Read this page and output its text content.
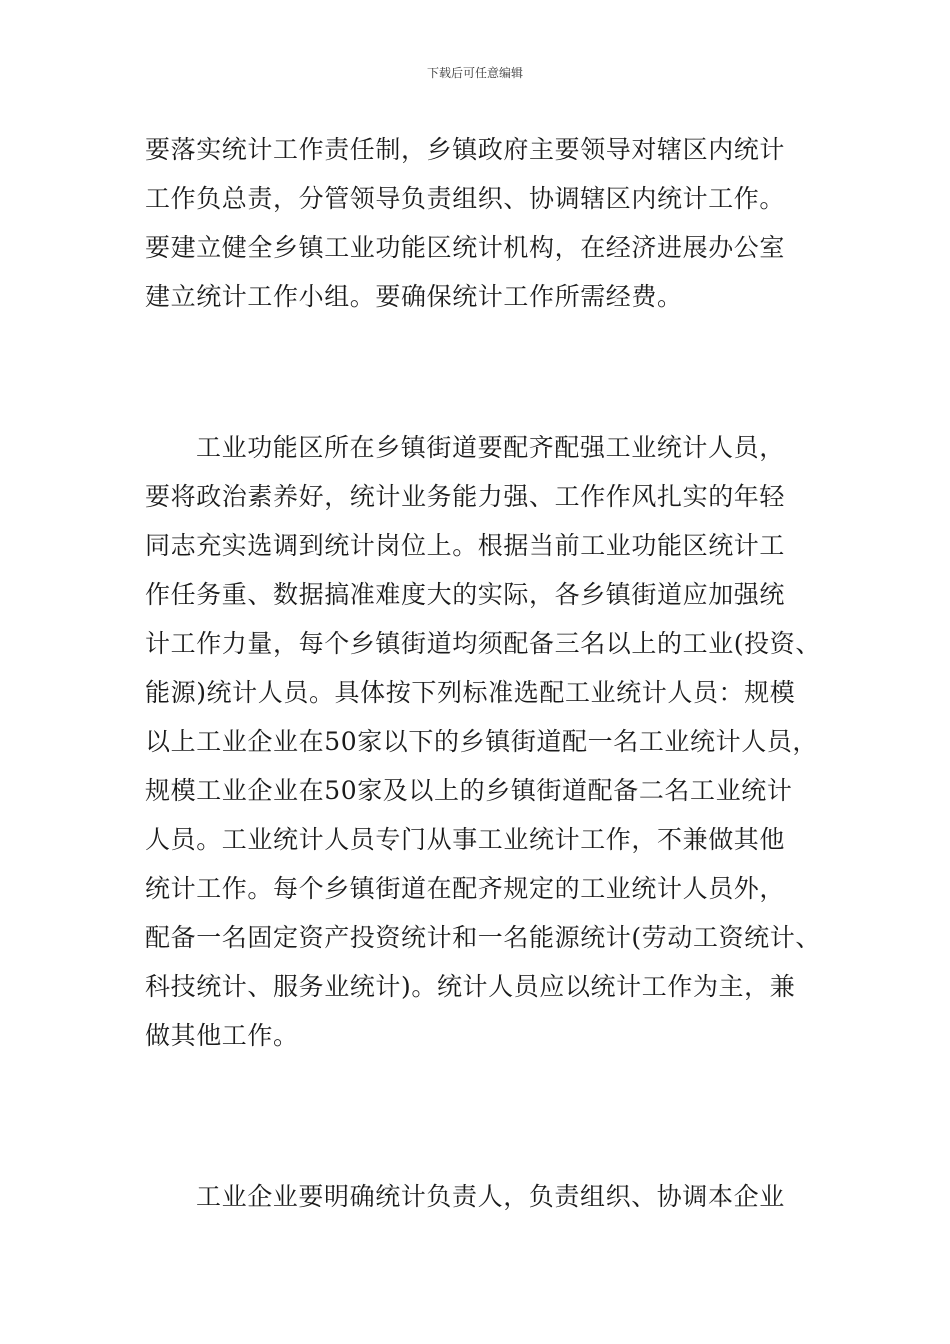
下载后可任意编辑
要落实统计工作责任制，乡镇政府主要领导对辖区内统计
工作负总责，分管领导负责组织、协调辖区内统计工作。
要建立健全乡镇工业功能区统计机构，在经济进展办公室
建立统计工作小组。要确保统计工作所需经费。
工业功能区所在乡镇街道要配齐配强工业统计人员，
要将政治素养好，统计业务能力强、工作作风扎实的年轻
同志充实选调到统计岗位上。根据当前工业功能区统计工
作任务重、数据搞准难度大的实际，各乡镇街道应加强统
计工作力量，每个乡镇街道均须配备三名以上的工业(投资、
能源)统计人员。具体按下列标准选配工业统计人员：规模
以上工业企业在50家以下的乡镇街道配一名工业统计人员，
规模工业企业在50家及以上的乡镇街道配备二名工业统计
人员。工业统计人员专门从事工业统计工作，不兼做其他
统计工作。每个乡镇街道在配齐规定的工业统计人员外，
配备一名固定资产投资统计和一名能源统计(劳动工资统计、
科技统计、服务业统计)。统计人员应以统计工作为主，兼
做其他工作。
工业企业要明确统计负责人，负责组织、协调本企业
